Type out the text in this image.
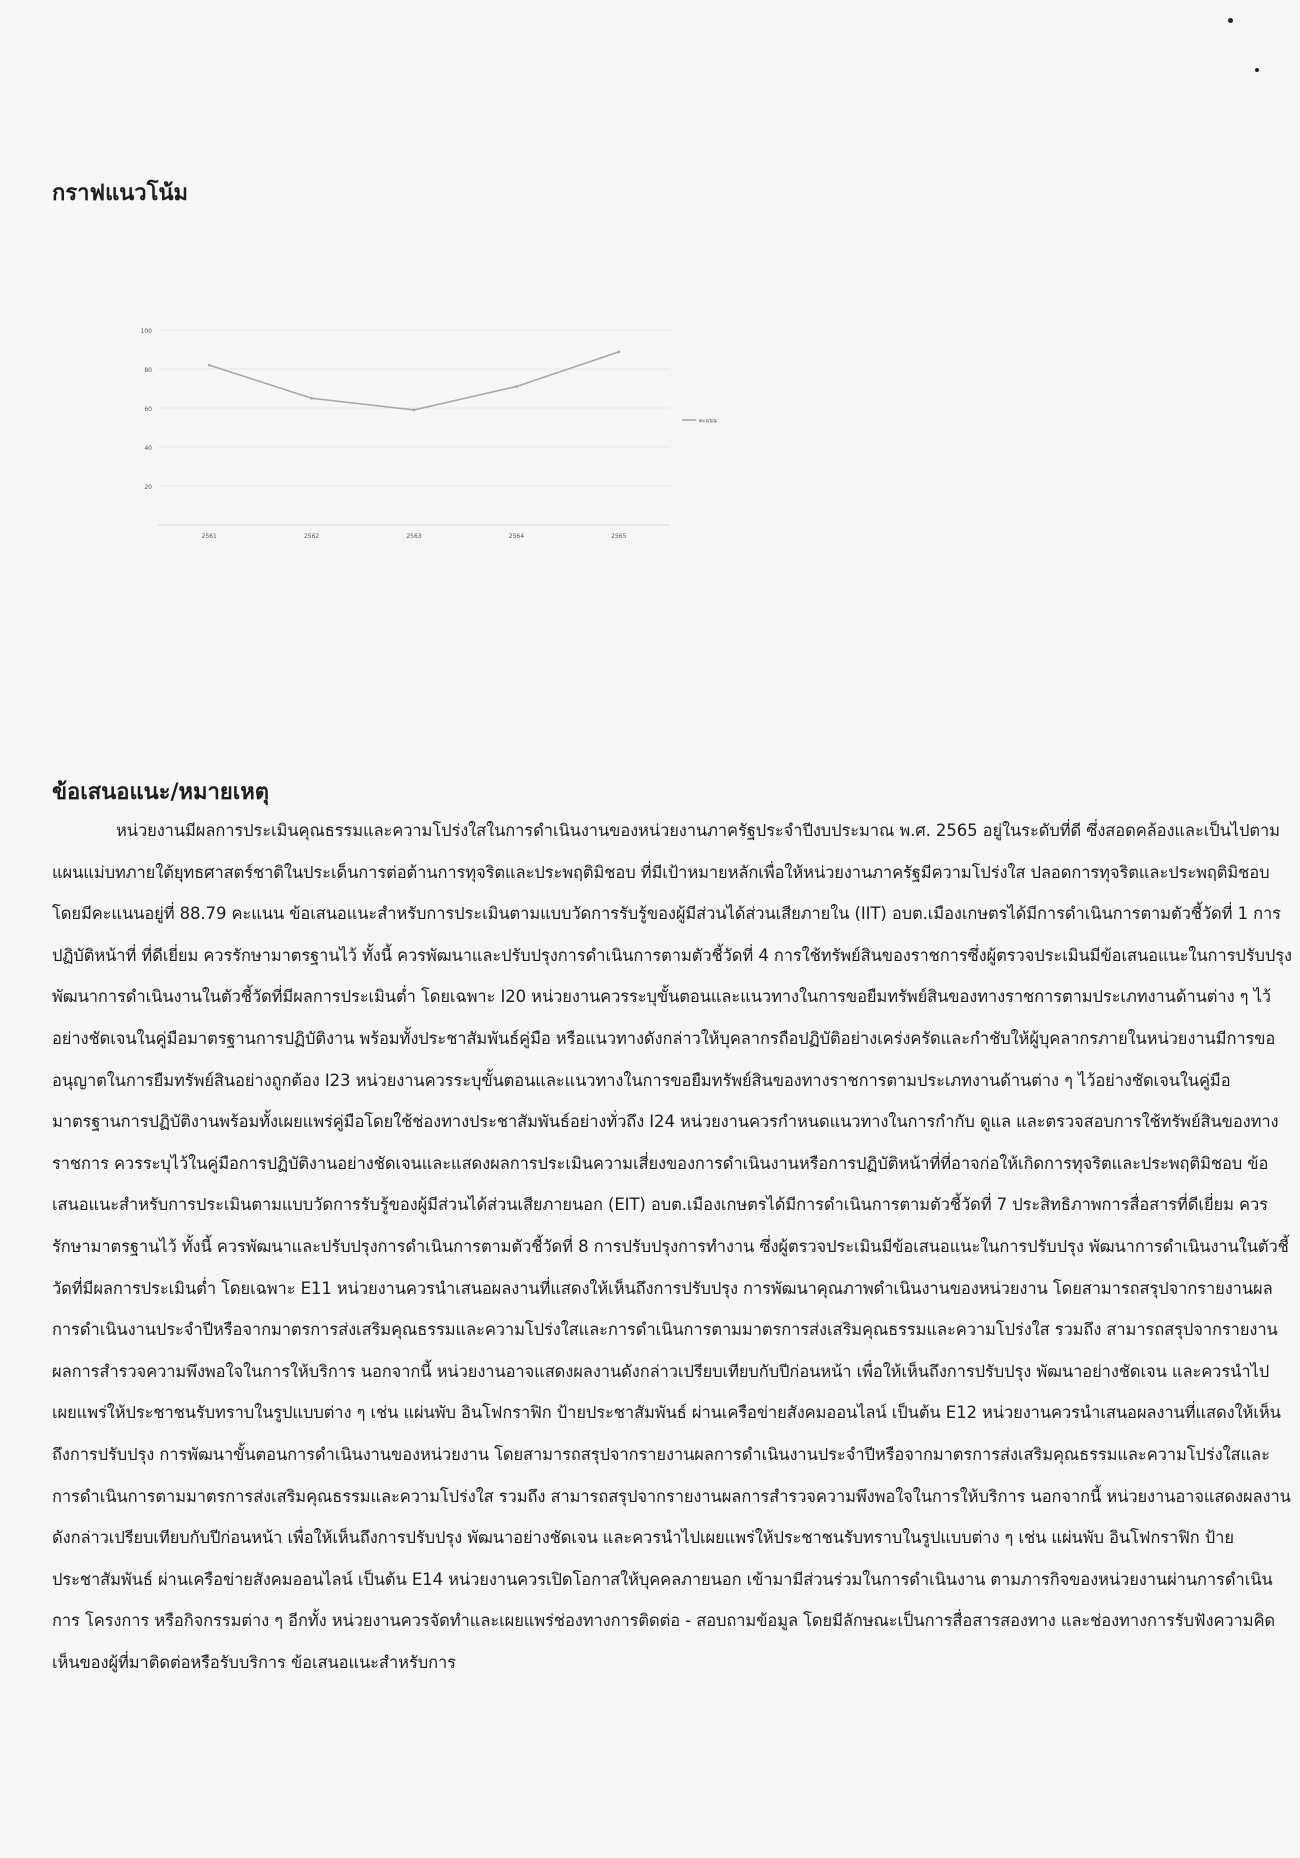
กราฟแนวโน้ม
100
80
60
40
20
2561	2562	2563	2564	2565
คะแนน
ข้อเสนอแนะ/หมายเหตุ

หน่วยงานมีผลการประเมินคุณธรรมและความโปร่งใสในการดำเนินงานของหน่วยงานภาครัฐประจำปีงบประมาณ พ.ศ. 2565 อยู่ในระดับที่ดี ซึ่งสอดคล้องและเป็นไปตามแผนแม่บทภายใต้ยุทธศาสตร์ชาติในประเด็นการต่อต้านการทุจริตและประพฤติมิชอบ ที่มีเป้าหมายหลักเพื่อให้หน่วยงานภาครัฐมีความโปร่งใส ปลอดการทุจริตและประพฤติมิชอบ โดยมีคะแนนอยู่ที่ 88.79 คะแนน ข้อเสนอแนะสำหรับการประเมินตามแบบวัดการรับรู้ของผู้มีส่วนได้ส่วนเสียภายใน (IIT) อบต.เมืองเกษตรได้มีการดำเนินการตามตัวชี้วัดที่ 1 การปฏิบัติหน้าที่ ที่ดีเยี่ยม ควรรักษามาตรฐานไว้ ทั้งนี้ ควรพัฒนาและปรับปรุงการดำเนินการตามตัวชี้วัดที่ 4 การใช้ทรัพย์สินของราชการซึ่งผู้ตรวจประเมินมีข้อเสนอแนะในการปรับปรุง พัฒนาการดำเนินงานในตัวชี้วัดที่มีผลการประเมินต่ำ โดยเฉพาะ I20 หน่วยงานควรระบุขั้นตอนและแนวทางในการขอยืมทรัพย์สินของทางราชการตามประเภทงานด้านต่าง ๆ ไว้อย่างชัดเจนในคู่มือมาตรฐานการปฏิบัติงาน พร้อมทั้งประชาสัมพันธ์คู่มือ หรือแนวทางดังกล่าวให้บุคลากรถือปฏิบัติอย่างเคร่งครัดและกำชับให้ผู้บุคลากรภายในหน่วยงานมีการขออนุญาตในการยืมทรัพย์สินอย่างถูกต้อง I23 หน่วยงานควรระบุขั้นตอนและแนวทางในการขอยืมทรัพย์สินของทางราชการตามประเภทงานด้านต่าง ๆ ไว้อย่างชัดเจนในคู่มือมาตรฐานการปฏิบัติงานพร้อมทั้งเผยแพร่คู่มือโดยใช้ช่องทางประชาสัมพันธ์อย่างทั่วถึง I24 หน่วยงานควรกำหนดแนวทางในการกำกับ ดูแล และตรวจสอบการใช้ทรัพย์สินของทางราชการ ควรระบุไว้ในคู่มือการปฏิบัติงานอย่างชัดเจนและแสดงผลการประเมินความเสี่ยงของการดำเนินงานหรือการปฏิบัติหน้าที่ที่อาจก่อให้เกิดการทุจริตและประพฤติมิชอบ ข้อเสนอแนะสำหรับการประเมินตามแบบวัดการรับรู้ของผู้มีส่วนได้ส่วนเสียภายนอก (EIT) อบต.เมืองเกษตรได้มีการดำเนินการตามตัวชี้วัดที่ 7 ประสิทธิภาพการสื่อสารที่ดีเยี่ยม ควรรักษามาตรฐานไว้ ทั้งนี้ ควรพัฒนาและปรับปรุงการดำเนินการตามตัวชี้วัดที่ 8 การปรับปรุงการทำงาน ซึ่งผู้ตรวจประเมินมีข้อเสนอแนะในการปรับปรุง พัฒนาการดำเนินงานในตัวชี้วัดที่มีผลการประเมินต่ำ โดยเฉพาะ E11 หน่วยงานควรนำเสนอผลงานที่แสดงให้เห็นถึงการปรับปรุง การพัฒนาคุณภาพดำเนินงานของหน่วยงาน โดยสามารถสรุปจากรายงานผลการดำเนินงานประจำปีหรือจากมาตรการส่งเสริมคุณธรรมและความโปร่งใสและการดำเนินการตามมาตรการส่งเสริมคุณธรรมและความโปร่งใส รวมถึง สามารถสรุปจากรายงานผลการสำรวจความพึงพอใจในการให้บริการ นอกจากนี้ หน่วยงานอาจแสดงผลงานดังกล่าวเปรียบเทียบกับปีก่อนหน้า เพื่อให้เห็นถึงการปรับปรุง พัฒนาอย่างชัดเจน และควรนำไปเผยแพร่ให้ประชาชนรับทราบในรูปแบบต่าง ๆ เช่น แผ่นพับ อินโฟกราฟิก ป้ายประชาสัมพันธ์ ผ่านเครือข่ายสังคมออนไลน์ เป็นต้น E12 หน่วยงานควรนำเสนอผลงานที่แสดงให้เห็นถึงการปรับปรุง การพัฒนาขั้นตอนการดำเนินงานของหน่วยงาน โดยสามารถสรุปจากรายงานผลการดำเนินงานประจำปีหรือจากมาตรการส่งเสริมคุณธรรมและความโปร่งใสและการดำเนินการตามมาตรการส่งเสริมคุณธรรมและความโปร่งใส รวมถึง สามารถสรุปจากรายงานผลการสำรวจความพึงพอใจในการให้บริการ นอกจากนี้ หน่วยงานอาจแสดงผลงานดังกล่าวเปรียบเทียบกับปีก่อนหน้า เพื่อให้เห็นถึงการปรับปรุง พัฒนาอย่างชัดเจน และควรนำไปเผยแพร่ให้ประชาชนรับทราบในรูปแบบต่าง ๆ เช่น แผ่นพับ อินโฟกราฟิก ป้ายประชาสัมพันธ์ ผ่านเครือข่ายสังคมออนไลน์ เป็นต้น E14 หน่วยงานควรเปิดโอกาสให้บุคคลภายนอก เข้ามามีส่วนร่วมในการดำเนินงาน ตามภารกิจของหน่วยงานผ่านการดำเนินการ โครงการ หรือกิจกรรมต่าง ๆ อีกทั้ง หน่วยงานควรจัดทำและเผยแพร่ช่องทางการติดต่อ - สอบถามข้อมูล โดยมีลักษณะเป็นการสื่อสารสองทาง และช่องทางการรับฟังความคิดเห็นของผู้ที่มาติดต่อหรือรับบริการ ข้อเสนอแนะสำหรับการ
